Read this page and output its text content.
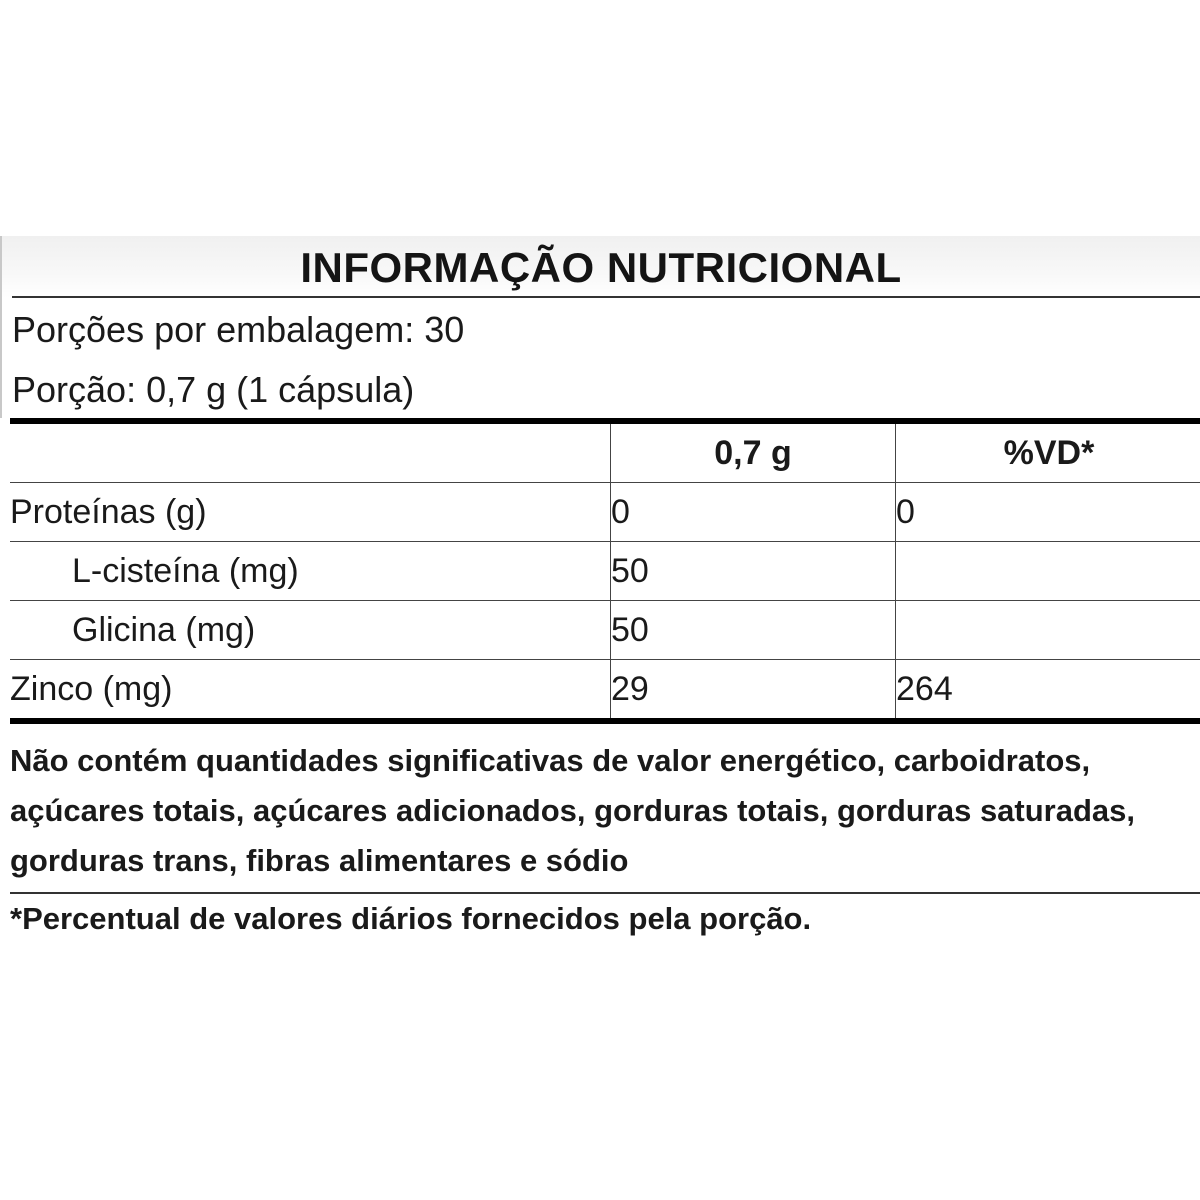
INFORMAÇÃO NUTRICIONAL
Porções por embalagem: 30
Porção: 0,7 g (1 cápsula)
	0,7 g	%VD*
Proteínas (g)	0	0
L-cisteína (mg)	50	
Glicina (mg)	50	
Zinco (mg)	29	264
Não contém quantidades significativas de valor energético, carboidratos, açúcares totais, açúcares adicionados, gorduras totais, gorduras saturadas, gorduras trans, fibras alimentares e sódio
*Percentual de valores diários fornecidos pela porção.
